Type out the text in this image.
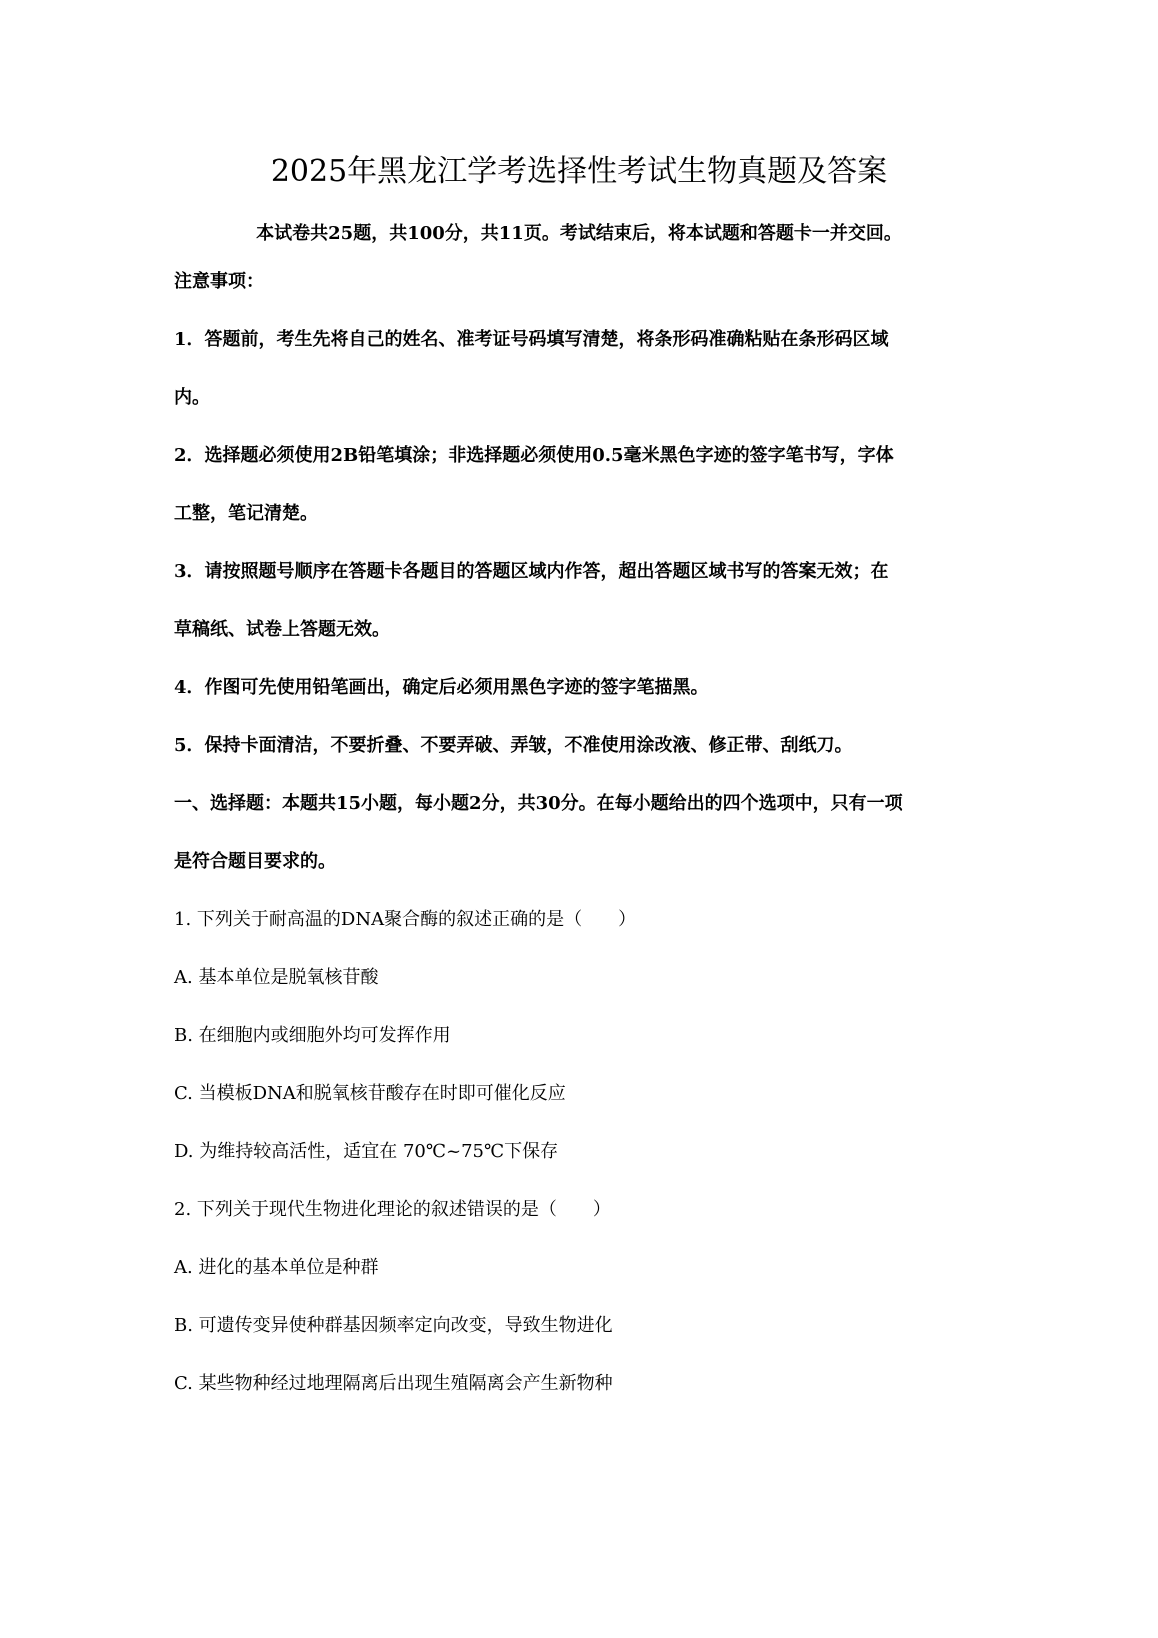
2025年黑龙江学考选择性考试生物真题及答案
本试卷共25题，共100分，共11页。考试结束后，将本试题和答题卡一并交回。
注意事项：
1．答题前，考生先将自己的姓名、准考证号码填写清楚，将条形码准确粘贴在条形码区域
内。
2．选择题必须使用2B铅笔填涂；非选择题必须使用0.5毫米黑色字迹的签字笔书写，字体
工整，笔记清楚。
3．请按照题号顺序在答题卡各题目的答题区域内作答，超出答题区域书写的答案无效；在
草稿纸、试卷上答题无效。
4．作图可先使用铅笔画出，确定后必须用黑色字迹的签字笔描黑。
5．保持卡面清洁，不要折叠、不要弄破、弄皱，不准使用涂改液、修正带、刮纸刀。
一、选择题：本题共15小题，每小题2分，共30分。在每小题给出的四个选项中，只有一项
是符合题目要求的。
1. 下列关于耐高温的DNA聚合酶的叙述正确的是（　　）
A. 基本单位是脱氧核苷酸
B. 在细胞内或细胞外均可发挥作用
C. 当模板DNA和脱氧核苷酸存在时即可催化反应
D. 为维持较高活性，适宜在 70℃~75℃下保存
2. 下列关于现代生物进化理论的叙述错误的是（　　）
A. 进化的基本单位是种群
B. 可遗传变异使种群基因频率定向改变，导致生物进化
C. 某些物种经过地理隔离后出现生殖隔离会产生新物种
